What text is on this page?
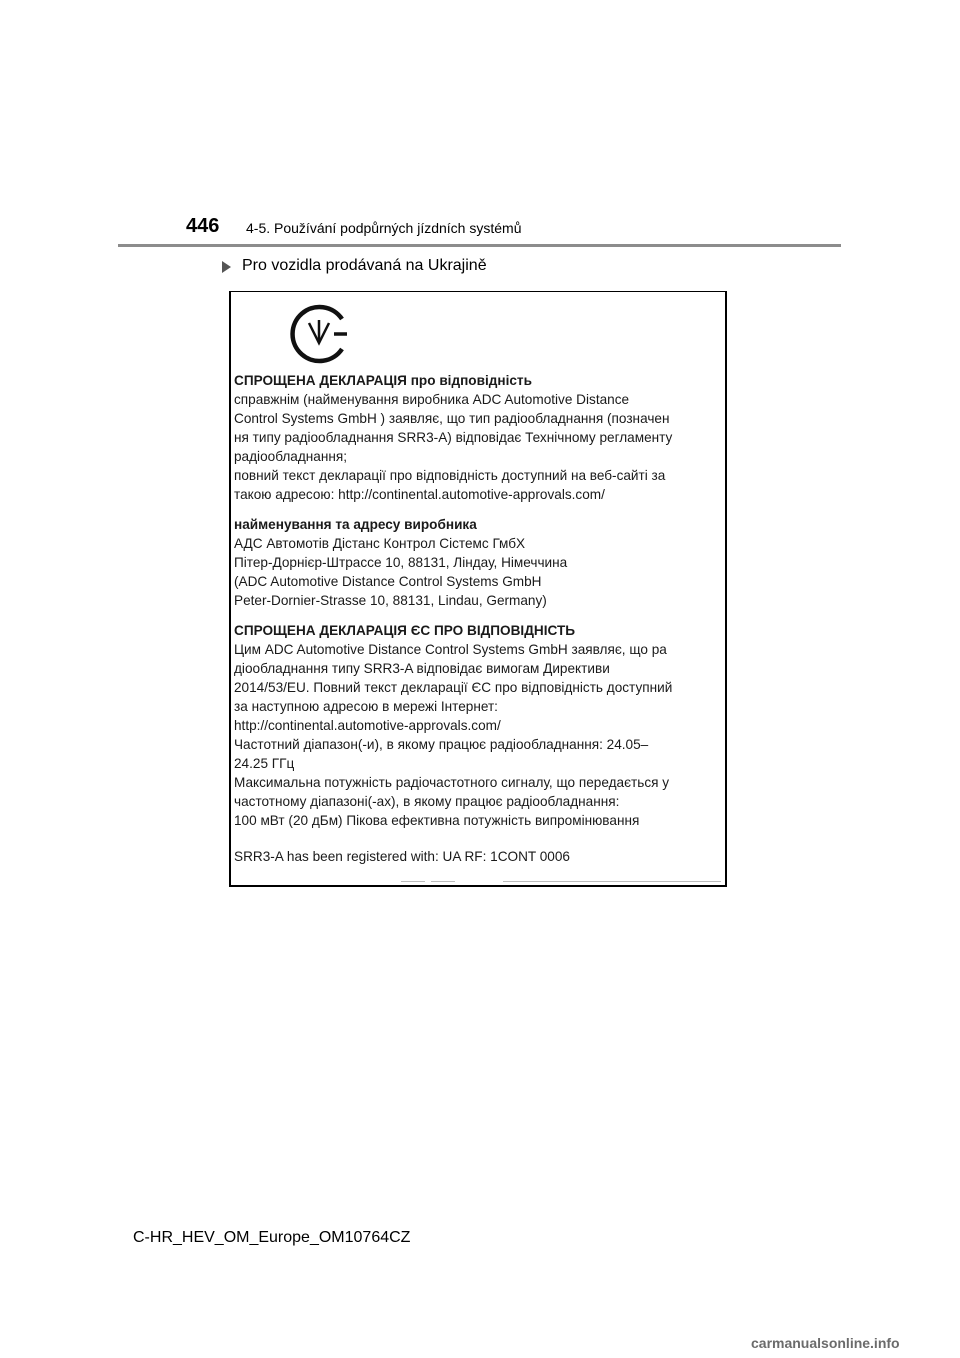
446 4-5. Používání podpůrných jízdních systémů
Pro vozidla prodávaná na Ukrajině
СПРОЩЕНА ДЕКЛАРАЦІЯ про відповідність
справжнім (найменування виробника ADC Automotive Distance
Control Systems GmbH ) заявляє, що тип радіообладнання (позначен
ня типу радіообладнання SRR3-A) відповідає Технічному регламенту
радіообладнання;
повний текст декларації про відповідність доступний на веб-сайті за
такою адресою: http://continental.automotive-approvals.com/
найменування та адресу виробника
АДС Автомотів Дістанс Контрол Сістемс ГмбХ
Пітер-Дорнієр-Штрассе 10, 88131, Ліндау, Німеччина
(ADC Automotive Distance Control Systems GmbH
Peter-Dornier-Strasse 10, 88131, Lindau, Germany)
СПРОЩЕНА ДЕКЛАРАЦІЯ ЄС ПРО ВІДПОВІДНІСТЬ
Цим ADC Automotive Distance Control Systems GmbH заявляє, що ра
діообладнання типу SRR3-A відповідає вимогам Директиви
2014/53/EU. Повний текст декларації ЄС про відповідність доступний
за наступною адресою в мережі Інтернет:
http://continental.automotive-approvals.com/
Частотний діапазон(-и), в якому працює радіообладнання: 24.05–
24.25 ГГц
Максимальна потужність радіочастотного сигналу, що передається у
частотному діапазоні(-ах), в якому працює радіообладнання:
100 мВт (20 дБм) Пікова ефективна потужність випромінювання
SRR3-A has been registered with: UA RF: 1CONT 0006
C-HR_HEV_OM_Europe_OM10764CZ
carmanualsonline.info
